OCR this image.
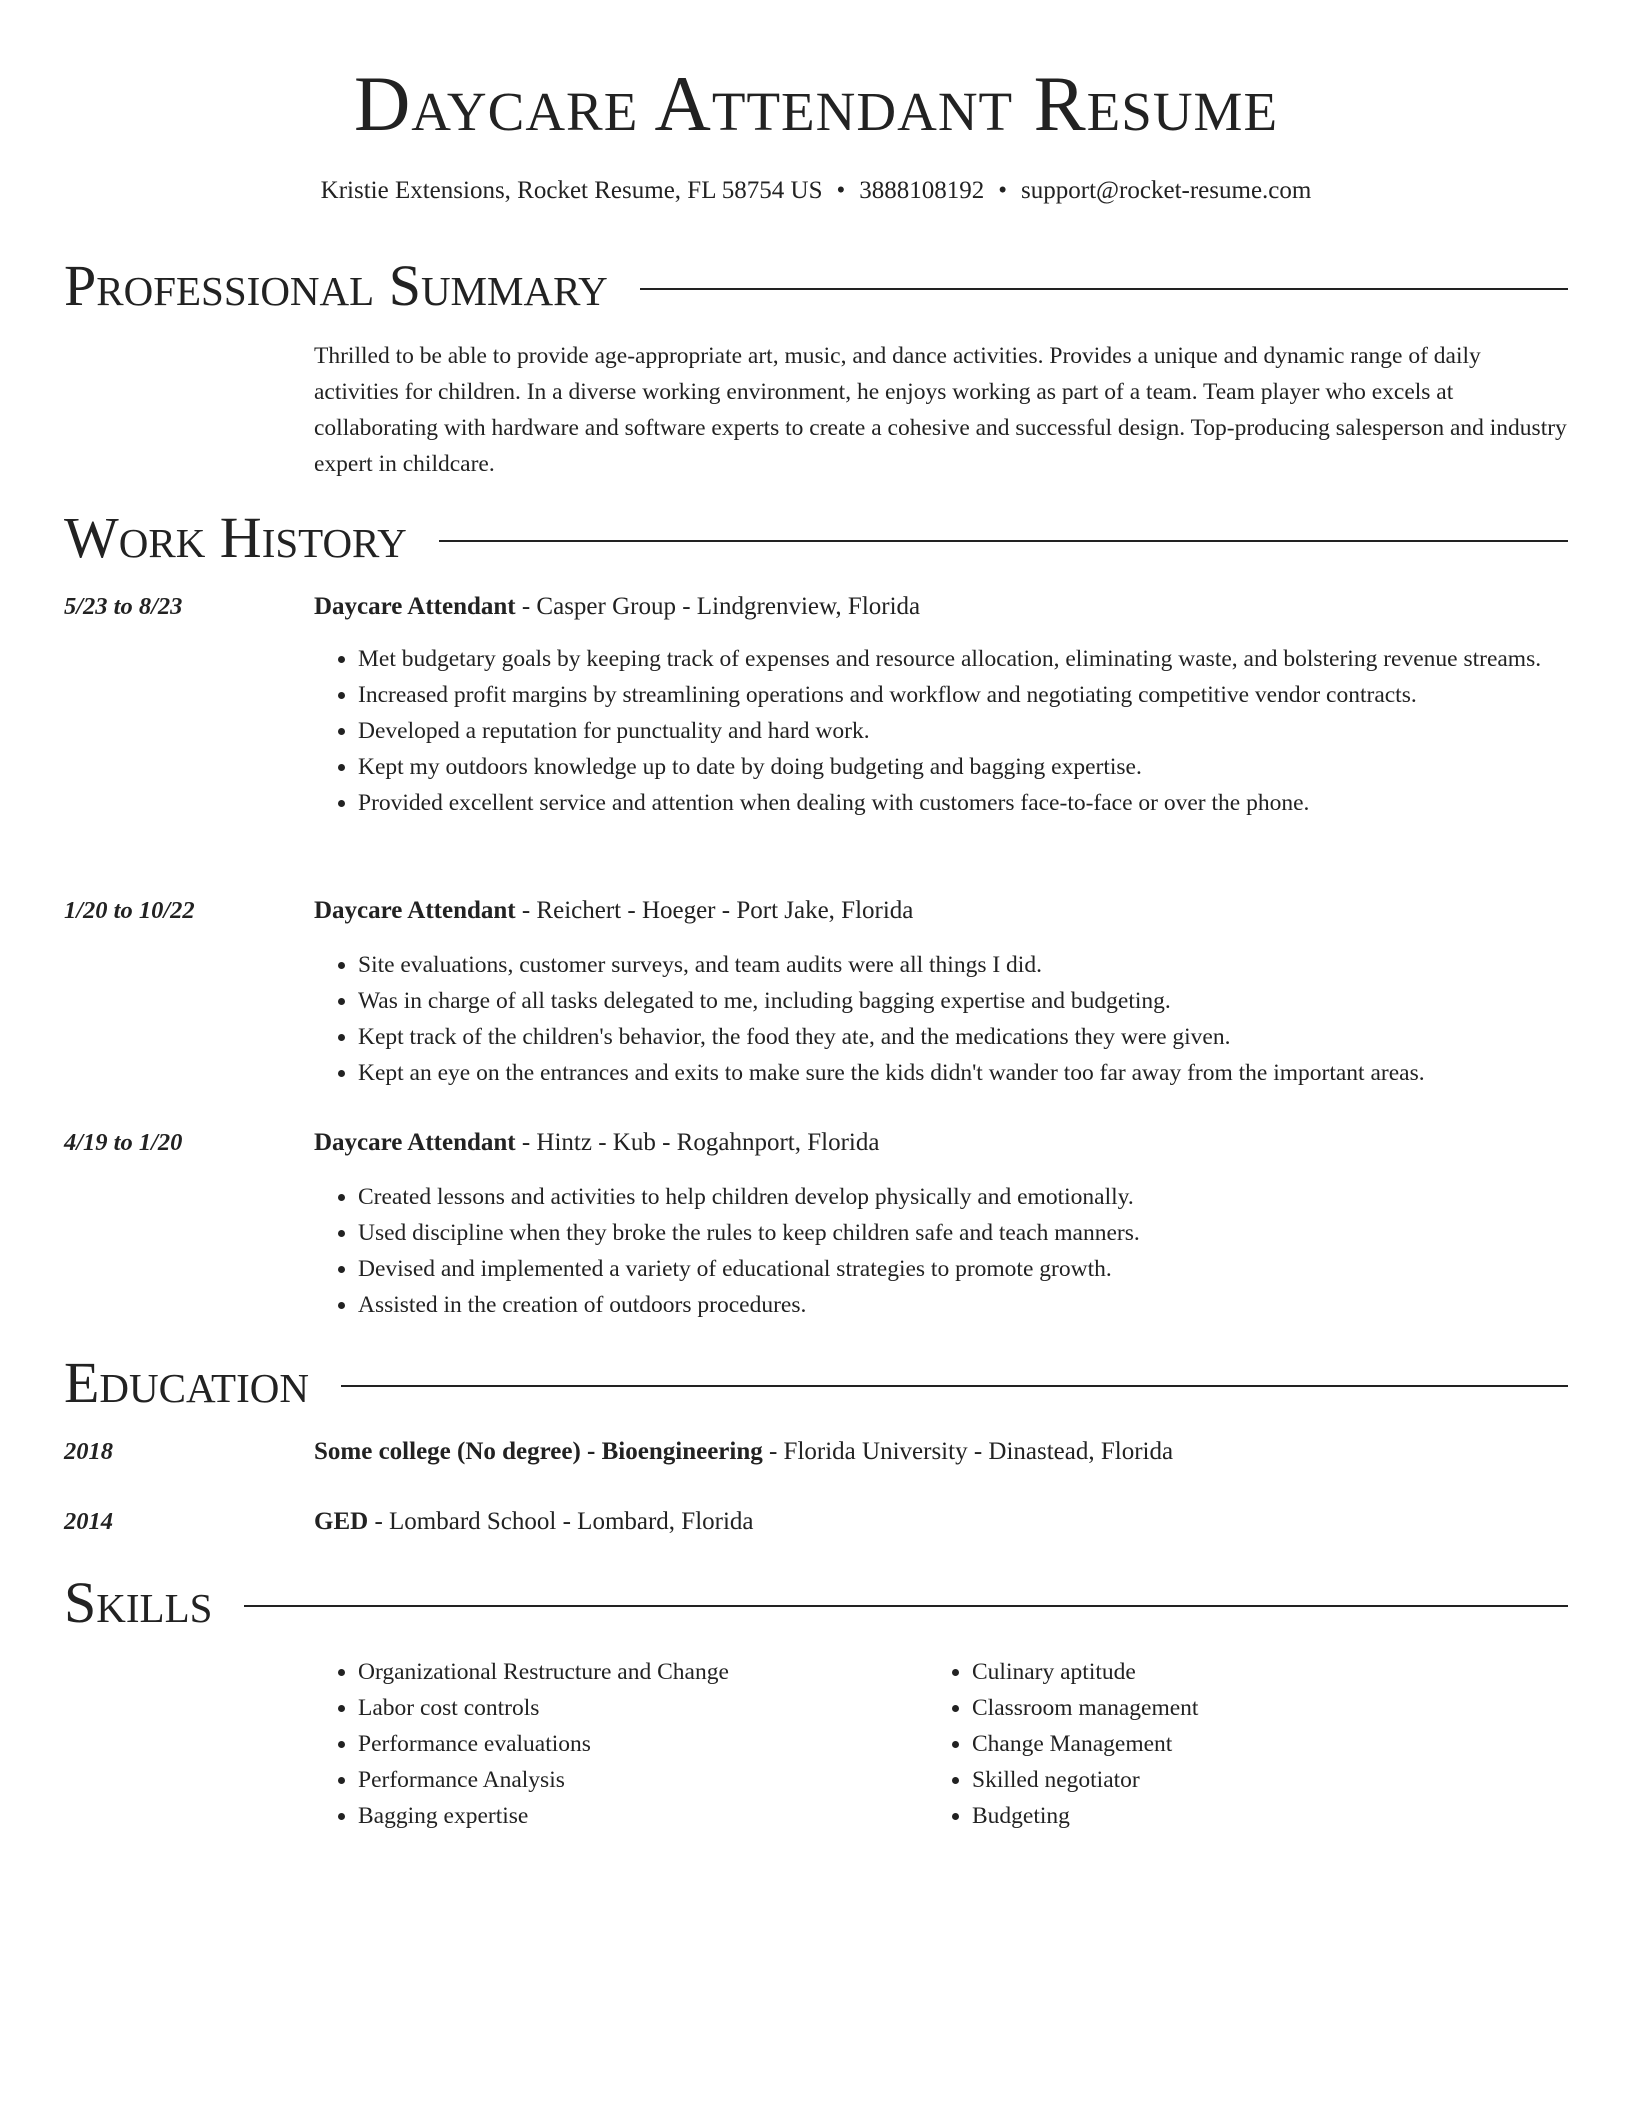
Daycare Attendant Resume
Kristie Extensions, Rocket Resume, FL 58754 US • 3888108192 • support@rocket-resume.com
Professional Summary
Thrilled to be able to provide age-appropriate art, music, and dance activities. Provides a unique and dynamic range of daily activities for children. In a diverse working environment, he enjoys working as part of a team. Team player who excels at collaborating with hardware and software experts to create a cohesive and successful design. Top-producing salesperson and industry expert in childcare.
Work History
5/23 to 8/23	Daycare Attendant - Casper Group - Lindgrenview, Florida
• Met budgetary goals by keeping track of expenses and resource allocation, eliminating waste, and bolstering revenue streams.
• Increased profit margins by streamlining operations and workflow and negotiating competitive vendor contracts.
• Developed a reputation for punctuality and hard work.
• Kept my outdoors knowledge up to date by doing budgeting and bagging expertise.
• Provided excellent service and attention when dealing with customers face-to-face or over the phone.
1/20 to 10/22	Daycare Attendant - Reichert - Hoeger - Port Jake, Florida
• Site evaluations, customer surveys, and team audits were all things I did.
• Was in charge of all tasks delegated to me, including bagging expertise and budgeting.
• Kept track of the children's behavior, the food they ate, and the medications they were given.
• Kept an eye on the entrances and exits to make sure the kids didn't wander too far away from the important areas.
4/19 to 1/20	Daycare Attendant - Hintz - Kub - Rogahnport, Florida
• Created lessons and activities to help children develop physically and emotionally.
• Used discipline when they broke the rules to keep children safe and teach manners.
• Devised and implemented a variety of educational strategies to promote growth.
• Assisted in the creation of outdoors procedures.
Education
2018	Some college (No degree) - Bioengineering - Florida University - Dinastead, Florida
2014	GED - Lombard School - Lombard, Florida
Skills
• Organizational Restructure and Change
• Labor cost controls
• Performance evaluations
• Performance Analysis
• Bagging expertise
• Culinary aptitude
• Classroom management
• Change Management
• Skilled negotiator
• Budgeting
